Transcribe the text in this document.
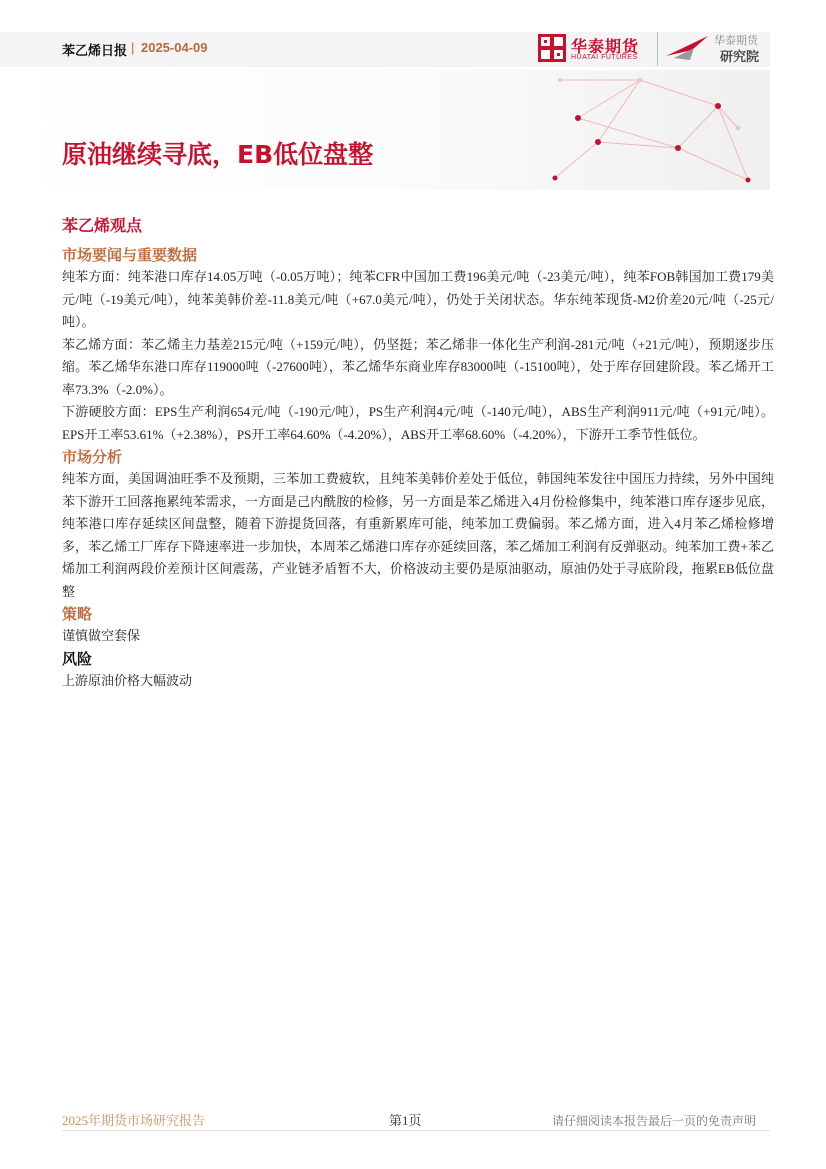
苯乙烯日报 | 2025-04-09	华泰期货
HUATAI FUTURES
华泰期货
研究院
原油继续寻底，EB低位盘整
苯乙烯观点
市场要闻与重要数据

纯苯方面：纯苯港口库存14.05万吨（-0.05万吨）；纯苯CFR中国加工费196美元/吨（-23美元/吨），纯苯FOB韩国加工费179美元/吨（-19美元/吨），纯苯美韩价差-11.8美元/吨（+67.0美元/吨），仍处于关闭状态。华东纯苯现货-M2价差20元/吨（-25元/吨）。

苯乙烯方面：苯乙烯主力基差215元/吨（+159元/吨），仍坚挺；苯乙烯非一体化生产利润-281元/吨（+21元/吨），预期逐步压缩。苯乙烯华东港口库存119000吨（-27600吨），苯乙烯华东商业库存83000吨（-15100吨），处于库存回建阶段。苯乙烯开工率73.3%（-2.0%）。

下游硬胶方面：EPS生产利润654元/吨（-190元/吨），PS生产利润4元/吨（-140元/吨），ABS生产利润911元/吨（+91元/吨）。EPS开工率53.61%（+2.38%），PS开工率64.60%（-4.20%），ABS开工率68.60%（-4.20%），下游开工季节性低位。

市场分析

纯苯方面，美国调油旺季不及预期，三苯加工费疲软，且纯苯美韩价差处于低位，韩国纯苯发往中国压力持续，另外中国纯苯下游开工回落拖累纯苯需求，一方面是己内酰胺的检修，另一方面是苯乙烯进入4月份检修集中，纯苯港口库存逐步见底，纯苯港口库存延续区间盘整，随着下游提货回落，有重新累库可能，纯苯加工费偏弱。苯乙烯方面，进入4月苯乙烯检修增多，苯乙烯工厂库存下降速率进一步加快，本周苯乙烯港口库存亦延续回落，苯乙烯加工利润有反弹驱动。纯苯加工费+苯乙烯加工利润两段价差预计区间震荡，产业链矛盾暂不大，价格波动主要仍是原油驱动，原油仍处于寻底阶段，拖累EB低位盘整

策略

谨慎做空套保

风险

上游原油价格大幅波动

2025年期货市场研究报告	第1页	请仔细阅读本报告最后一页的免责声明
